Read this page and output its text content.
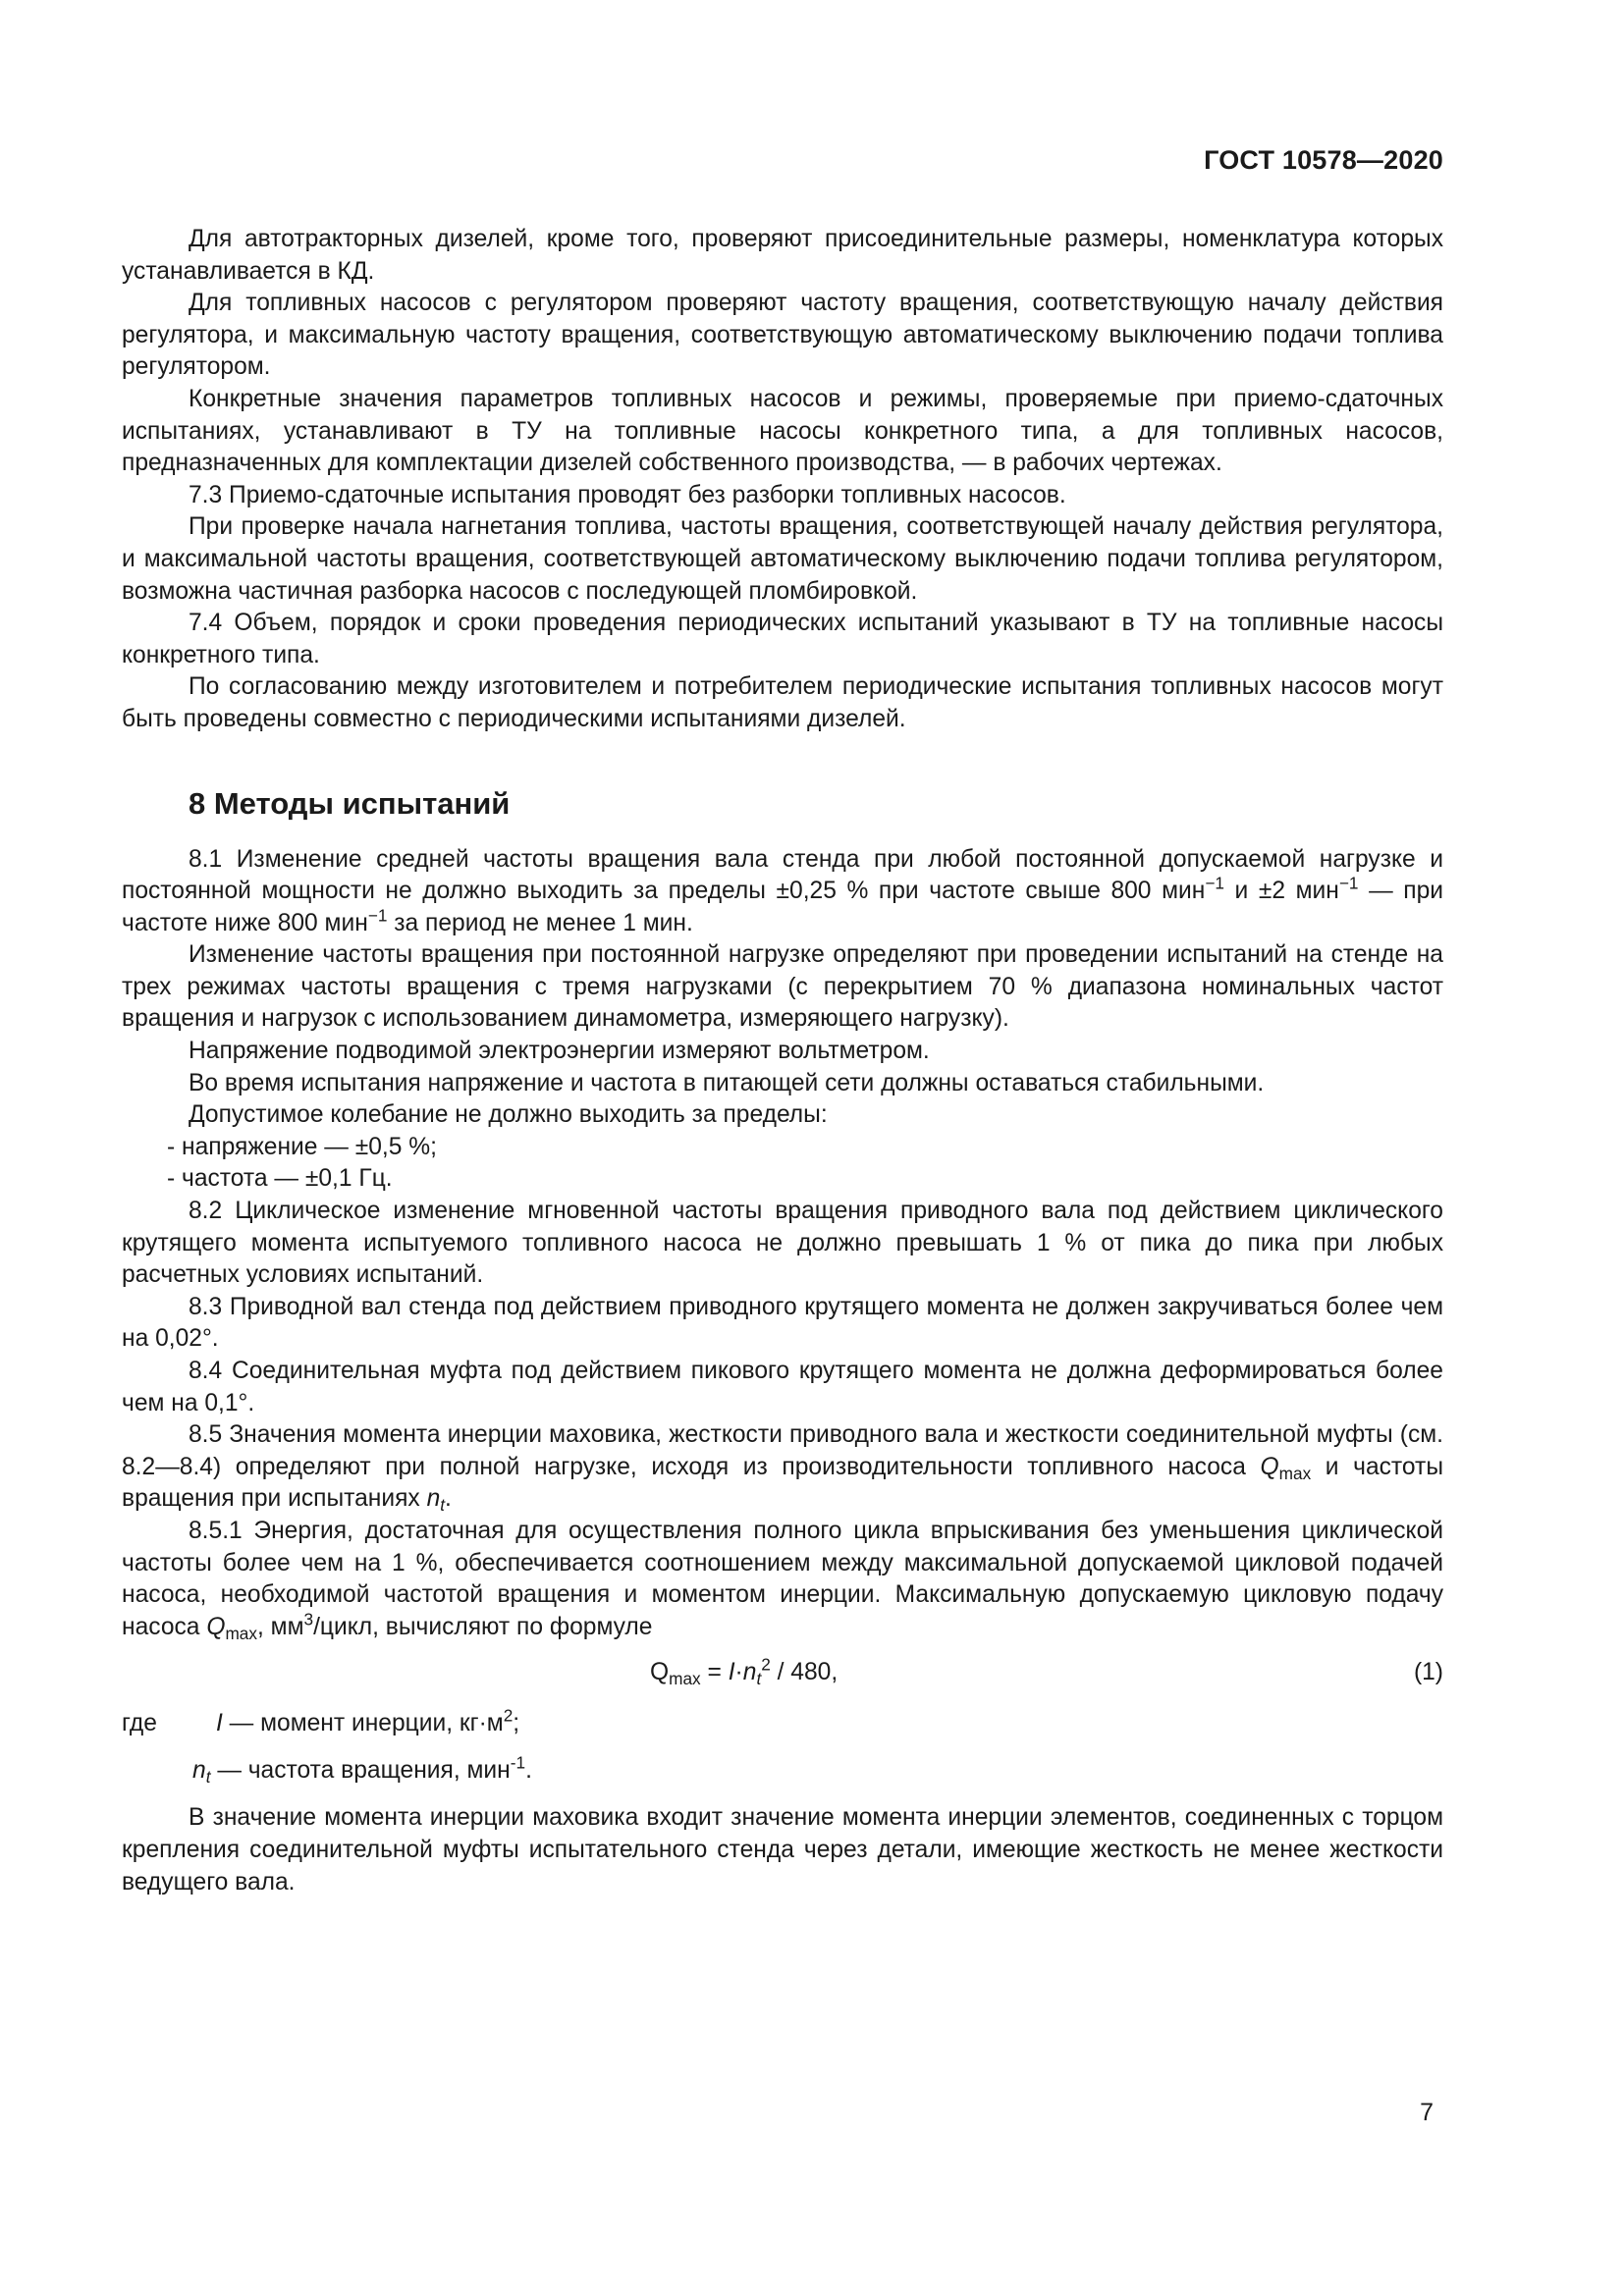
ГОСТ 10578—2020

Для автотракторных дизелей, кроме того, проверяют присоединительные размеры, номенклатура которых устанавливается в КД.

Для топливных насосов с регулятором проверяют частоту вращения, соответствующую началу действия регулятора, и максимальную частоту вращения, соответствующую автоматическому выключению подачи топлива регулятором.

Конкретные значения параметров топливных насосов и режимы, проверяемые при приемо-сдаточных испытаниях, устанавливают в ТУ на топливные насосы конкретного типа, а для топливных насосов, предназначенных для комплектации дизелей собственного производства, — в рабочих чертежах.

7.3 Приемо-сдаточные испытания проводят без разборки топливных насосов.

При проверке начала нагнетания топлива, частоты вращения, соответствующей началу действия регулятора, и максимальной частоты вращения, соответствующей автоматическому выключению подачи топлива регулятором, возможна частичная разборка насосов с последующей пломбировкой.

7.4 Объем, порядок и сроки проведения периодических испытаний указывают в ТУ на топливные насосы конкретного типа.

По согласованию между изготовителем и потребителем периодические испытания топливных насосов могут быть проведены совместно с периодическими испытаниями дизелей.

8 Методы испытаний

8.1 Изменение средней частоты вращения вала стенда при любой постоянной допускаемой нагрузке и постоянной мощности не должно выходить за пределы ±0,25 % при частоте свыше 800 мин$^{-1}$ и ±2 мин$^{-1}$ — при частоте ниже 800 мин$^{-1}$ за период не менее 1 мин.

Изменение частоты вращения при постоянной нагрузке определяют при проведении испытаний на стенде на трех режимах частоты вращения с тремя нагрузками (с перекрытием 70 % диапазона номинальных частот вращения и нагрузок с использованием динамометра, измеряющего нагрузку).

Напряжение подводимой электроэнергии измеряют вольтметром.

Во время испытания напряжение и частота в питающей сети должны оставаться стабильными.

Допустимое колебание не должно выходить за пределы:

- напряжение — ±0,5 %;

- частота — ±0,1 Гц.

8.2 Циклическое изменение мгновенной частоты вращения приводного вала под действием циклического крутящего момента испытуемого топливного насоса не должно превышать 1 % от пика до пика при любых расчетных условиях испытаний.

8.3 Приводной вал стенда под действием приводного крутящего момента не должен закручиваться более чем на 0,02°.

8.4 Соединительная муфта под действием пикового крутящего момента не должна деформироваться более чем на 0,1°.

8.5 Значения момента инерции маховика, жесткости приводного вала и жесткости соединительной муфты (см. 8.2—8.4) определяют при полной нагрузке, исходя из производительности топливного насоса $Q_{max}$ и частоты вращения при испытаниях $n_t$.

8.5.1 Энергия, достаточная для осуществления полного цикла впрыскивания без уменьшения циклической частоты более чем на 1 %, обеспечивается соотношением между максимальной допускаемой цикловой подачей насоса, необходимой частотой вращения и моментом инерции. Максимальную допускаемую цикловую подачу насоса $Q_{max}$, $мм^3$/цикл, вычисляют по формуле

$Q_{max} = I\cdot n_t^2 / 480$,	(1)
где I — момент инерции, $кг\cdot м^2$;
$n_t$ — частота вращения, мин$^{-1}$.

В значение момента инерции маховика входит значение момента инерции элементов, соединенных с торцом крепления соединительной муфты испытательного стенда через детали, имеющие жесткость не менее жесткости ведущего вала.

7
